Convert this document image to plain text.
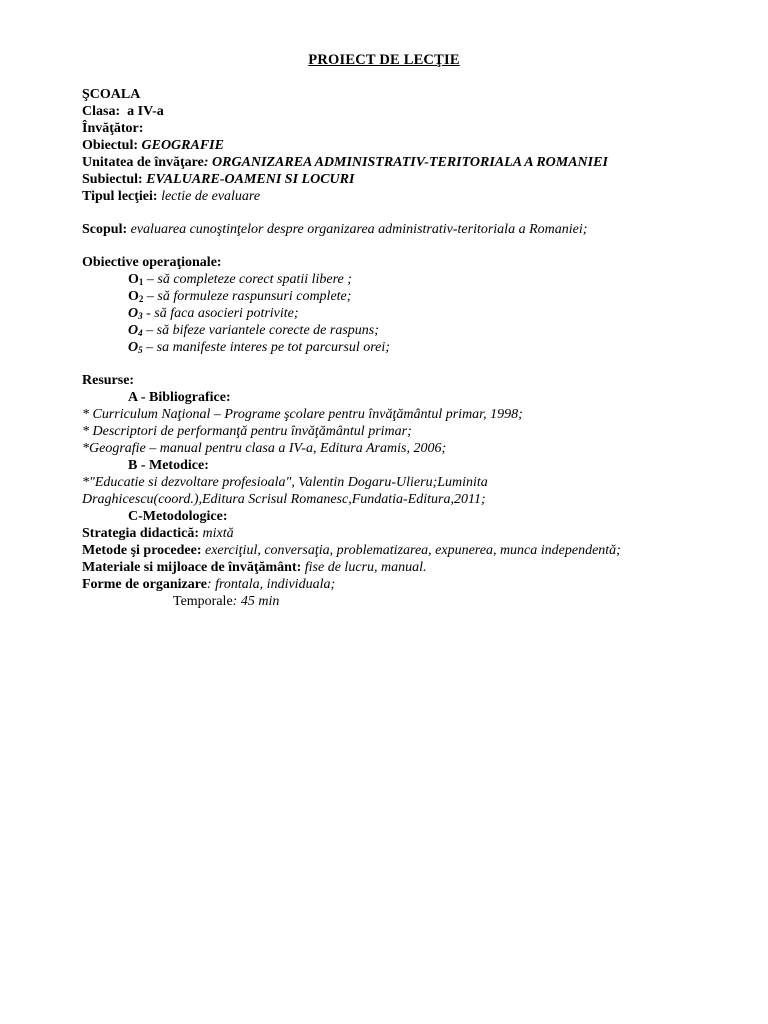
PROIECT DE LECŢIE
ŞCOALA
Clasa: a IV-a
Învăţător:
Obiectul: GEOGRAFIE
Unitatea de învăţare: ORGANIZAREA ADMINISTRATIV-TERITORIALA A ROMANIEI
Subiectul: EVALUARE-OAMENI SI LOCURI
Tipul lecţiei: lectie de evaluare
Scopul: evaluarea cunoştinţelor despre organizarea administrativ-teritoriala a Romaniei;
Obiective operaţionale:
$O_1$ – să completeze corect spatii libere ;
$O_2$ – să formuleze raspunsuri complete;
$O_3$ - să faca asocieri potrivite;
$O_4$ – să bifeze variantele corecte de raspuns;
$O_5$ – sa manifeste interes pe tot parcursul orei;
Resurse:
A - Bibliografice:
* Curriculum Naţional – Programe şcolare pentru învăţământul primar, 1998;
* Descriptori de performanţă pentru învăţământul primar;
*Geografie – manual pentru clasa a IV-a, Editura Aramis, 2006;
B - Metodice:
*"Educatie si dezvoltare profesioala", Valentin Dogaru-Ulieru;Luminita
Draghicescu(coord.),Editura Scrisul Romanesc,Fundatia-Editura,2011;
C-Metodologice:
Strategia didactică: mixtă
Metode şi procedee: exerciţiul, conversaţia, problematizarea, expunerea, munca independentă;
Materiale si mijloace de învăţământ: fise de lucru, manual.
Forme de organizare: frontala, individuala;
Temporale: 45 min
